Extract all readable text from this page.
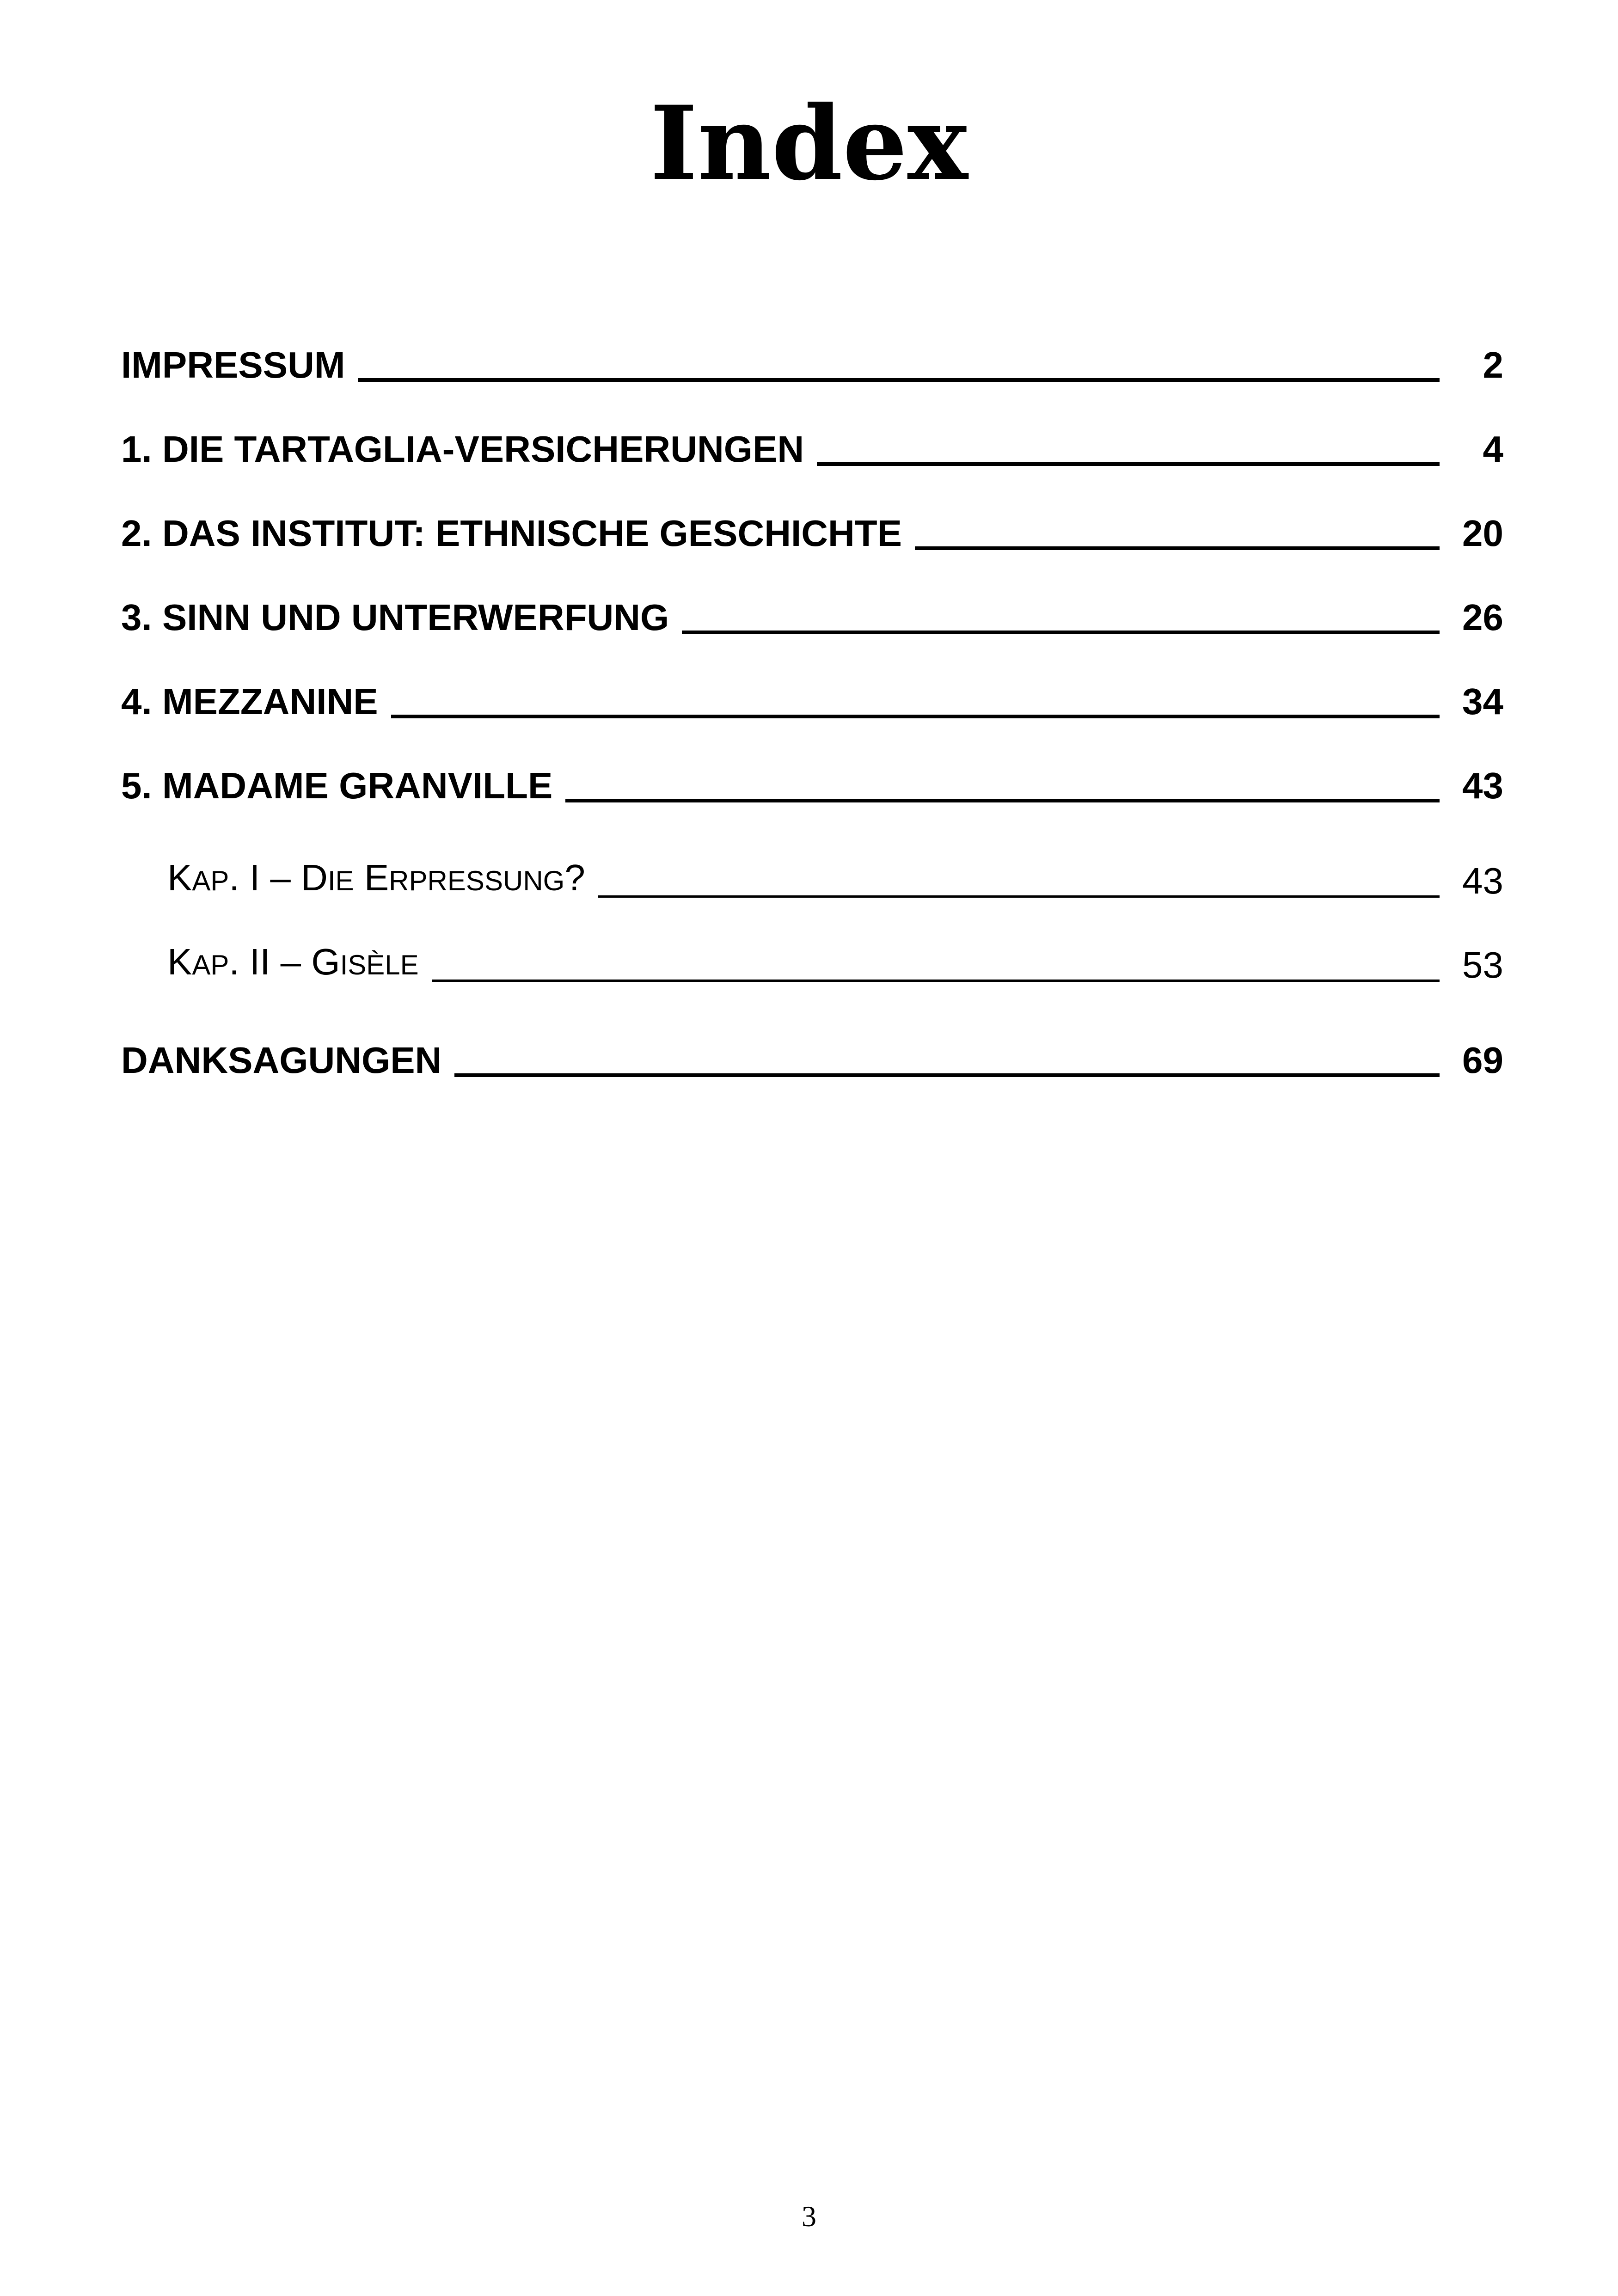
Index
IMPRESSUM	2
1. DIE TARTAGLIA-VERSICHERUNGEN	4
2. DAS INSTITUT: ETHNISCHE GESCHICHTE	20
3. SINN UND UNTERWERFUNG	26
4. MEZZANINE	34
5. MADAME GRANVILLE	43
KAP. I – DIE ERPRESSUNG?	43
KAP. II – GISÈLE	53
DANKSAGUNGEN	69
3
